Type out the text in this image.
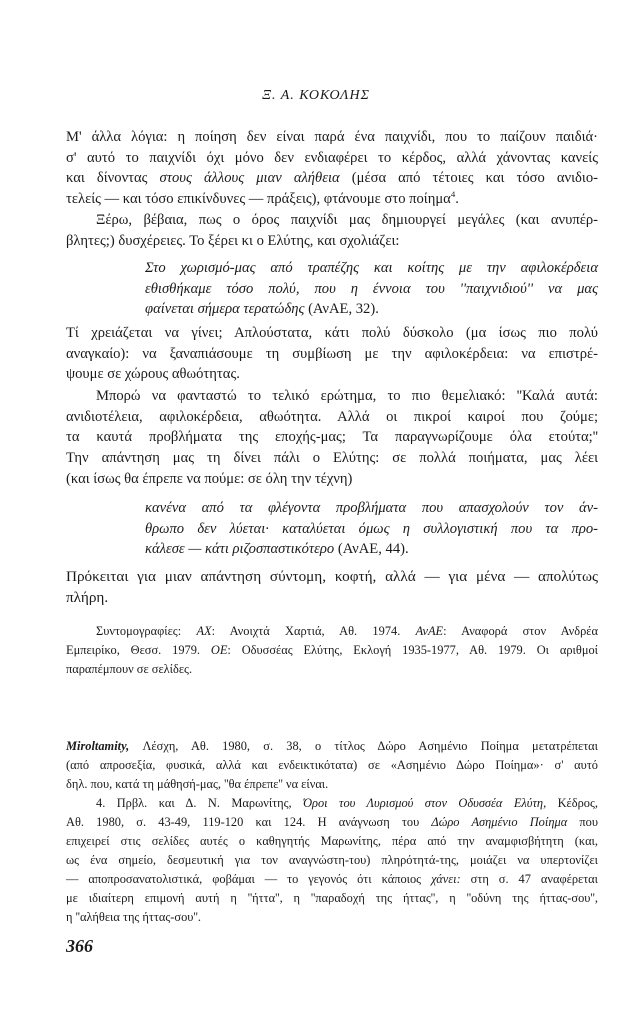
Ξ. Α. ΚΟΚΟΛΗΣ
Μ' άλλα λόγια: η ποίηση δεν είναι παρά ένα παιχνίδι, που το παίζουν παιδιά·
σ' αυτό το παιχνίδι όχι μόνο δεν ενδιαφέρει το κέρδος, αλλά χάνοντας κανείς
και δίνοντας στους άλλους μιαν αλήθεια (μέσα από τέτοιες και τόσο ανιδιο-
τελείς — και τόσο επικίνδυνες — πράξεις), φτάνουμε στο ποίημα$^4$.
Ξέρω, βέβαια, πως ο όρος παιχνίδι μας δημιουργεί μεγάλες (και ανυπέρ-
βλητες;) δυσχέρειες. Το ξέρει κι ο Ελύτης, και σχολιάζει:
Στο χωρισμό-μας από τραπέζης και κοίτης με την αφιλοκέρδεια
εθισθήκαμε τόσο πολύ, που η έννοια του ''παιχνιδιού'' να μας
φαίνεται σήμερα τερατώδης (ΑνΑΕ, 32).
Τί χρειάζεται να γίνει; Απλούστατα, κάτι πολύ δύσκολο (μα ίσως πιο πολύ
αναγκαίο): να ξαναπιάσουμε τη συμβίωση με την αφιλοκέρδεια: να επιστρέ-
ψουμε σε χώρους αθωότητας.
Μπορώ να φανταστώ το τελικό ερώτημα, το πιο θεμελιακό: ''Καλά αυτά:
ανιδιοτέλεια, αφιλοκέρδεια, αθωότητα. Αλλά οι πικροί καιροί που ζούμε;
τα καυτά προβλήματα της εποχής-μας; Τα παραγνωρίζουμε όλα ετούτα;''
Την απάντηση μας τη δίνει πάλι ο Ελύτης: σε πολλά ποιήματα, μας λέει
(και ίσως θα έπρεπε να πούμε: σε όλη την τέχνη)
κανένα από τα φλέγοντα προβλήματα που απασχολούν τον άν-
θρωπο δεν λύεται· καταλύεται όμως η συλλογιστική που τα προ-
κάλεσε — κάτι ριζοσπαστικότερο (ΑνΑΕ, 44).
Πρόκειται για μιαν απάντηση σύντομη, κοφτή, αλλά — για μένα — απολύτως
πλήρη.
Συντομογραφίες: ΑΧ: Ανοιχτά Χαρτιά, Αθ. 1974. ΑνΑΕ: Αναφορά στον Ανδρέα
Εμπειρίκο, Θεσσ. 1979. ΟΕ: Οδυσσέας Ελύτης, Εκλογή 1935-1977, Αθ. 1979. Οι αριθμοί
παραπέμπουν σε σελίδες.
Miroltamity, Λέσχη, Αθ. 1980, σ. 38, ο τίτλος Δώρο Ασημένιο Ποίημα μετατρέπεται
(από απροσεξία, φυσικά, αλλά και ενδεικτικότατα) σε «Ασημένιο Δώρο Ποίημα»· σ' αυτό
δηλ. που, κατά τη μάθησή-μας, ''θα έπρεπε'' να είναι.
4. Πρβλ. και Δ. Ν. Μαρωνίτης, Όροι του Λυρισμού στον Οδυσσέα Ελύτη, Κέδρος,
Αθ. 1980, σ. 43-49, 119-120 και 124. Η ανάγνωση του Δώρο Ασημένιο Ποίημα που
επιχειρεί στις σελίδες αυτές ο καθηγητής Μαρωνίτης, πέρα από την αναμφισβήτητη (και,
ως ένα σημείο, δεσμευτική για τον αναγνώστη-του) πληρότητά-της, μοιάζει να υπερτονίζει
— αποπροσανατολιστικά, φοβάμαι — το γεγονός ότι κάποιος χάνει: στη σ. 47 αναφέρεται
με ιδιαίτερη επιμονή αυτή η ''ήττα'', η ''παραδοχή της ήττας'', η ''οδύνη της ήττας-σου'',
η ''αλήθεια της ήττας-σου''.
366
